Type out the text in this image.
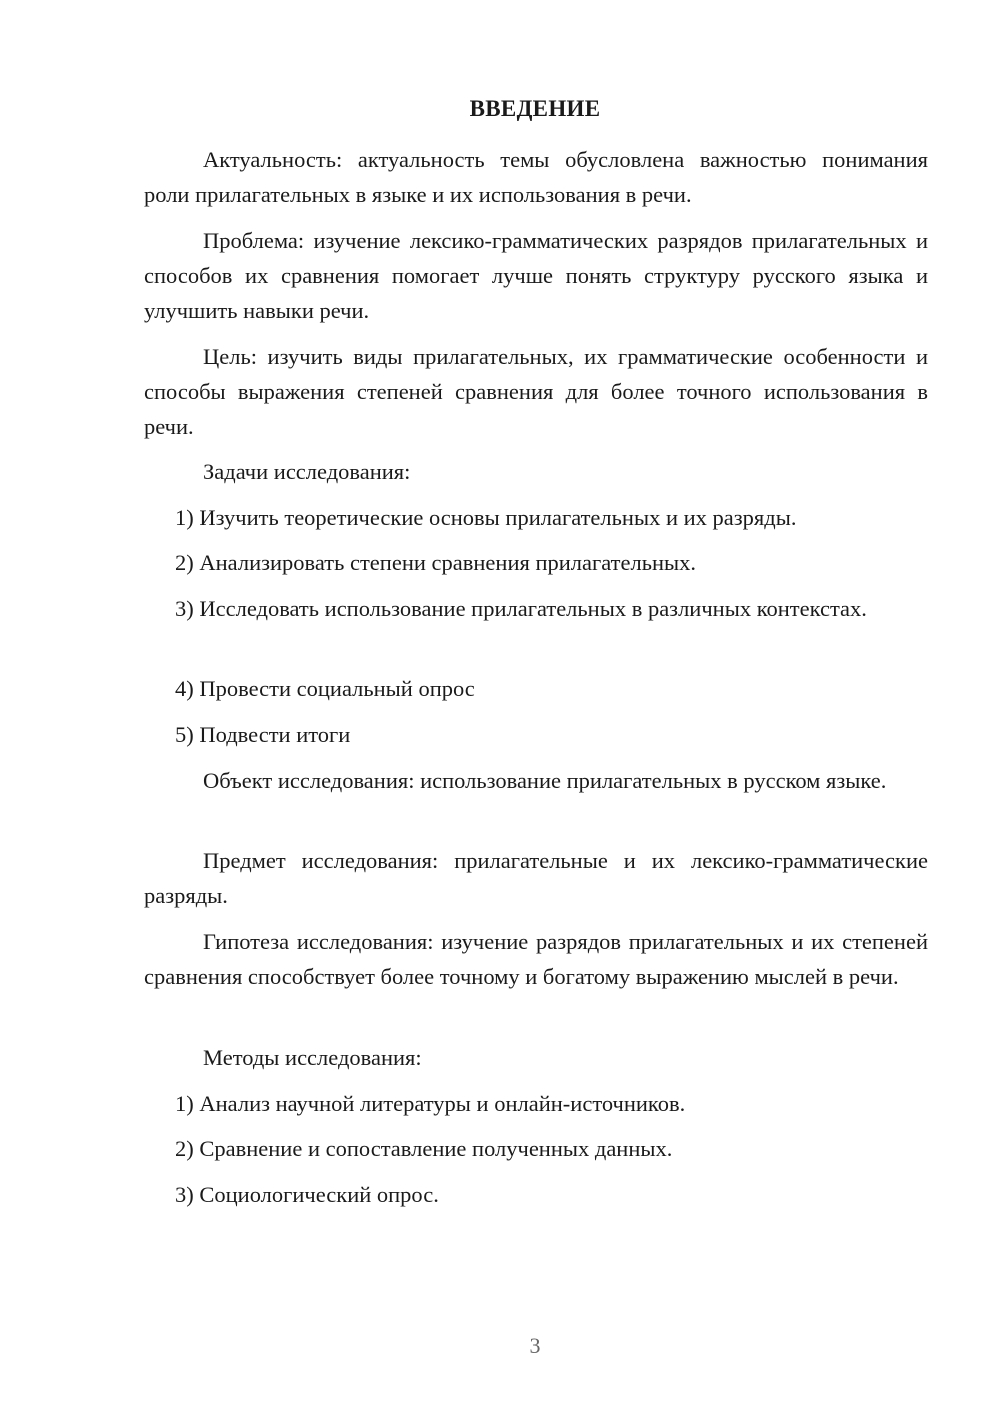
ВВЕДЕНИЕ

Актуальность: актуальность темы обусловлена важностью понимания роли прилагательных в языке и их использования в речи.

Проблема: изучение лексико-грамматических разрядов прилагательных и способов их сравнения помогает лучше понять структуру русского языка и улучшить навыки речи.

Цель: изучить виды прилагательных, их грамматические особенности и способы выражения степеней сравнения для более точного использования в речи.

Задачи исследования:

1) Изучить теоретические основы прилагательных и их разряды.

2) Анализировать степени сравнения прилагательных.

3) Исследовать использование прилагательных в различных контекстах.

4) Провести социальный опрос

5) Подвести итоги

Объект исследования: использование прилагательных в русском языке.

Предмет исследования: прилагательные и их лексико-грамматические разряды.

Гипотеза исследования: изучение разрядов прилагательных и их степеней сравнения способствует более точному и богатому выражению мыслей в речи.

Методы исследования:

1) Анализ научной литературы и онлайн-источников.

2) Сравнение и сопоставление полученных данных.

3) Социологический опрос.

3
